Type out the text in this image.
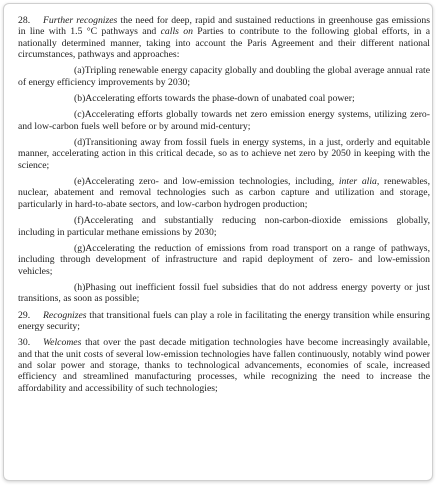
28. Further recognizes the need for deep, rapid and sustained reductions in greenhouse gas emissions in line with 1.5 °C pathways and calls on Parties to contribute to the following global efforts, in a nationally determined manner, taking into account the Paris Agreement and their different national circumstances, pathways and approaches:

(a)Tripling renewable energy capacity globally and doubling the global average annual rate of energy efficiency improvements by 2030;

(b)Accelerating efforts towards the phase-down of unabated coal power;

(c)Accelerating efforts globally towards net zero emission energy systems, utilizing zero- and low-carbon fuels well before or by around mid-century;

(d)Transitioning away from fossil fuels in energy systems, in a just, orderly and equitable manner, accelerating action in this critical decade, so as to achieve net zero by 2050 in keeping with the science;

(e)Accelerating zero- and low-emission technologies, including, inter alia, renewables, nuclear, abatement and removal technologies such as carbon capture and utilization and storage, particularly in hard-to-abate sectors, and low-carbon hydrogen production;

(f)Accelerating and substantially reducing non-carbon-dioxide emissions globally, including in particular methane emissions by 2030;

(g)Accelerating the reduction of emissions from road transport on a range of pathways, including through development of infrastructure and rapid deployment of zero- and low-emission vehicles;

(h)Phasing out inefficient fossil fuel subsidies that do not address energy poverty or just transitions, as soon as possible;

29. Recognizes that transitional fuels can play a role in facilitating the energy transition while ensuring energy security;

30. Welcomes that over the past decade mitigation technologies have become increasingly available, and that the unit costs of several low-emission technologies have fallen continuously, notably wind power and solar power and storage, thanks to technological advancements, economies of scale, increased efficiency and streamlined manufacturing processes, while recognizing the need to increase the affordability and accessibility of such technologies;
